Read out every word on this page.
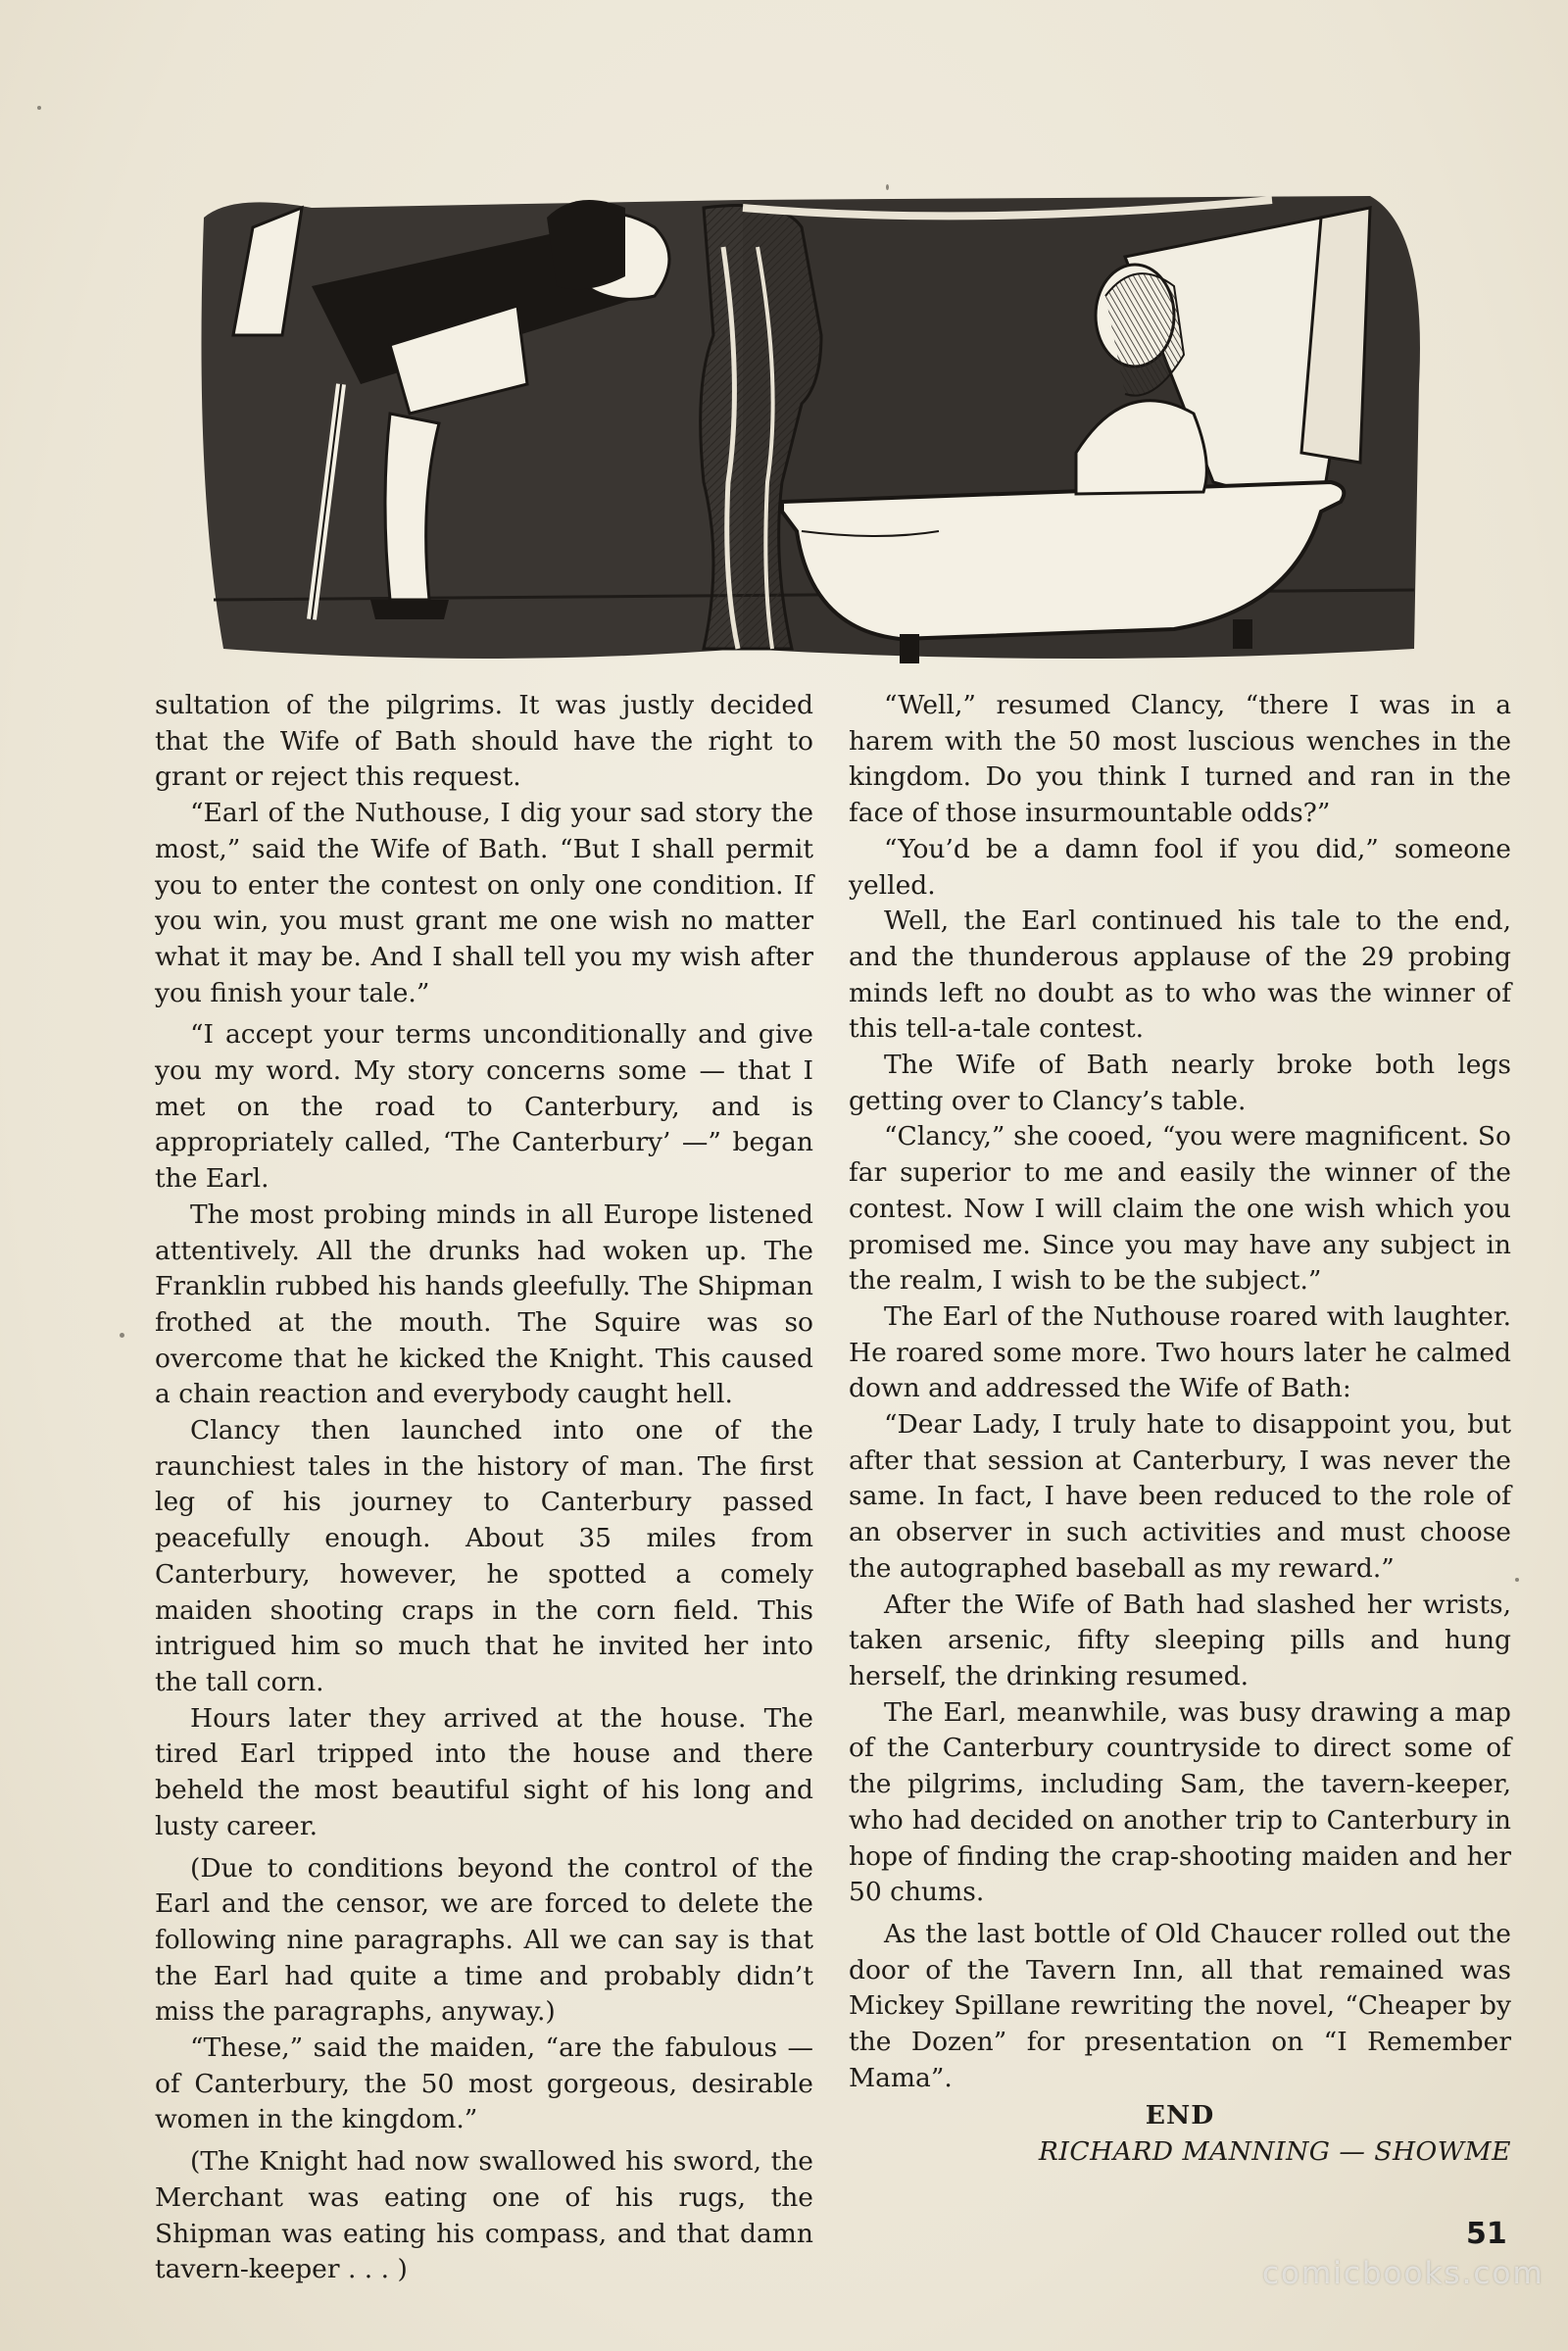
sultation of the pilgrims. It was justly decided that the Wife of Bath should have the right to grant or reject this request.

“Earl of the Nuthouse, I dig your sad story the most,” said the Wife of Bath. “But I shall permit you to enter the contest on only one condition. If you win, you must grant me one wish no matter what it may be. And I shall tell you my wish after you finish your tale.”

“I accept your terms unconditionally and give you my word. My story concerns some — that I met on the road to Canterbury, and is appropriately called, ‘The Canterbury’ —” began the Earl.

The most probing minds in all Europe listened attentively. All the drunks had woken up. The Franklin rubbed his hands gleefully. The Shipman frothed at the mouth. The Squire was so overcome that he kicked the Knight. This caused a chain reaction and everybody caught hell.

Clancy then launched into one of the raunchiest tales in the history of man. The first leg of his journey to Canterbury passed peacefully enough. About 35 miles from Canterbury, however, he spotted a comely maiden shooting craps in the corn field. This intrigued him so much that he invited her into the tall corn.

Hours later they arrived at the house. The tired Earl tripped into the house and there beheld the most beautiful sight of his long and lusty career.

(Due to conditions beyond the control of the Earl and the censor, we are forced to delete the following nine paragraphs. All we can say is that the Earl had quite a time and probably didn’t miss the paragraphs, anyway.)

“These,” said the maiden, “are the fabulous — of Canterbury, the 50 most gorgeous, desirable women in the kingdom.”

(The Knight had now swallowed his sword, the Merchant was eating one of his rugs, the Shipman was eating his compass, and that damn tavern-keeper . . . )

“Well,” resumed Clancy, “there I was in a harem with the 50 most luscious wenches in the kingdom. Do you think I turned and ran in the face of those insurmountable odds?”

“You’d be a damn fool if you did,” someone yelled.

Well, the Earl continued his tale to the end, and the thunderous applause of the 29 probing minds left no doubt as to who was the winner of this tell-a-tale contest.

The Wife of Bath nearly broke both legs getting over to Clancy’s table.

“Clancy,” she cooed, “you were magnificent. So far superior to me and easily the winner of the contest. Now I will claim the one wish which you promised me. Since you may have any subject in the realm, I wish to be the subject.”

The Earl of the Nuthouse roared with laughter. He roared some more. Two hours later he calmed down and addressed the Wife of Bath:

“Dear Lady, I truly hate to disappoint you, but after that session at Canterbury, I was never the same. In fact, I have been reduced to the role of an observer in such activities and must choose the autographed baseball as my reward.”

After the Wife of Bath had slashed her wrists, taken arsenic, fifty sleeping pills and hung herself, the drinking resumed.

The Earl, meanwhile, was busy drawing a map of the Canterbury countryside to direct some of the pilgrims, including Sam, the tavern-keeper, who had decided on another trip to Canterbury in hope of finding the crap-shooting maiden and her 50 chums.

As the last bottle of Old Chaucer rolled out the door of the Tavern Inn, all that remained was Mickey Spillane rewriting the novel, “Cheaper by the Dozen” for presentation on “I Remember Mama”.

END

RICHARD MANNING — SHOWME

51
comicbooks.com
